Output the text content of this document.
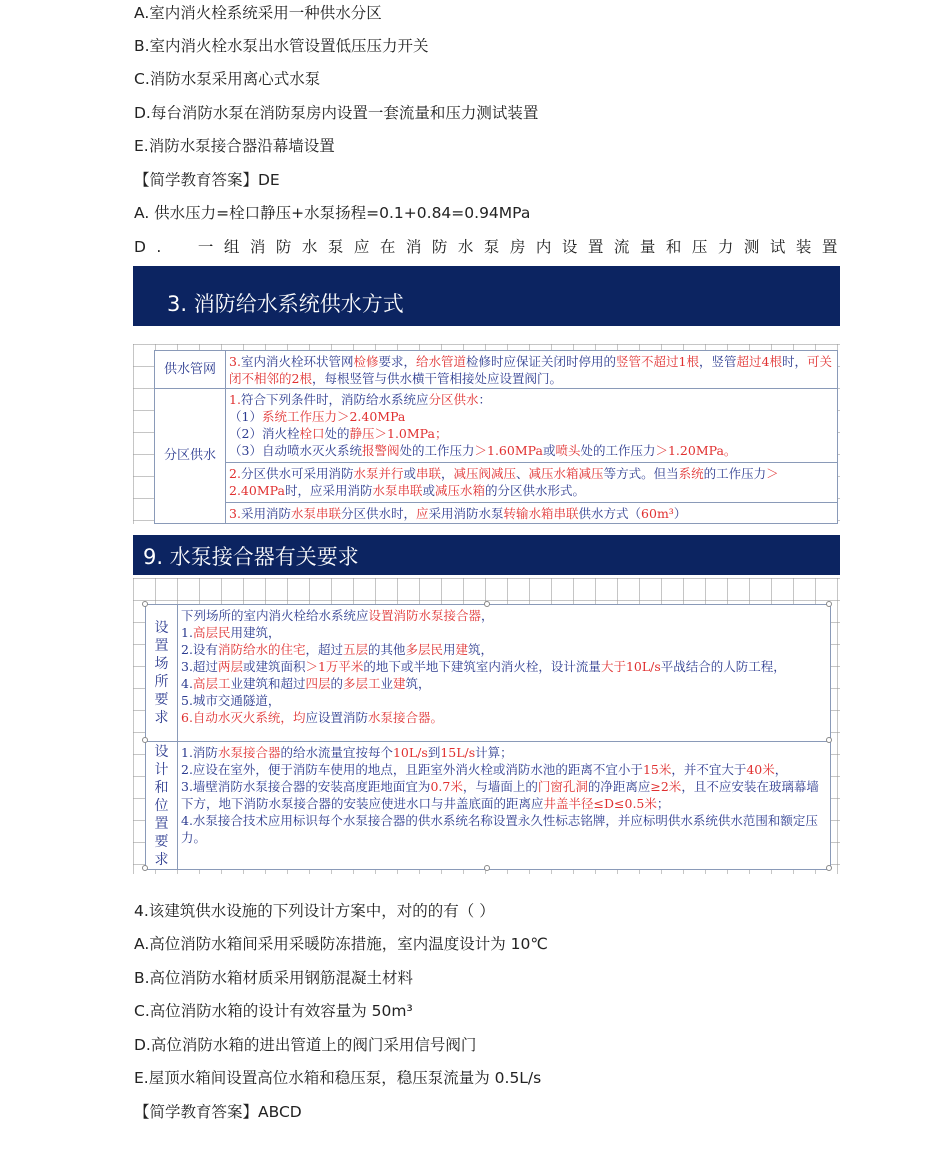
A.室内消火栓系统采用一种供水分区
B.室内消火栓水泵出水管设置低压压力开关
C.消防水泵采用离心式水泵
D.每台消防水泵在消防泵房内设置一套流量和压力测试装置
E.消防水泵接合器沿幕墙设置
【简学教育答案】DE
A. 供水压力=栓口静压+水泵扬程=0.1+0.84=0.94MPa
D.　一组消防水泵应在消防水泵房内设置流量和压力测试装置
3. 消防给水系统供水方式
供水管网
3.室内消火栓环状管网检修要求，给水管道检修时应保证关闭时停用的竖管不超过1根，竖管超过4根时，可关闭不相邻的2根，每根竖管与供水横干管相接处应设置阀门。
分区供水
1.符合下列条件时，消防给水系统应分区供水：
（1）系统工作压力＞2.40MPa
（2）消火栓栓口处的静压＞1.0MPa；
（3）自动喷水灭火系统报警阀处的工作压力＞1.60MPa或喷头处的工作压力＞1.20MPa。
2.分区供水可采用消防水泵并行或串联，减压阀减压、减压水箱减压等方式。但当系统的工作压力＞2.40MPa时，应采用消防水泵串联或减压水箱的分区供水形式。
3.采用消防水泵串联分区供水时，应采用消防水泵转输水箱串联供水方式（60m³）
9. 水泵接合器有关要求
设置场所要求
下列场所的室内消火栓给水系统应设置消防水泵接合器，
1.高层民用建筑，
2.设有消防给水的住宅，超过五层的其他多层民用建筑，
3.超过两层或建筑面积＞1万平米的地下或半地下建筑室内消火栓，设计流量大于10L/s平战结合的人防工程，
4.高层工业建筑和超过四层的多层工业建筑，
5.城市交通隧道，
6.自动水灭火系统，均应设置消防水泵接合器。
设计和位置要求
1.消防水泵接合器的给水流量宜按每个10L/s到15L/s计算；
2.应设在室外，便于消防车使用的地点，且距室外消火栓或消防水池的距离不宜小于15米，并不宜大于40米，
3.墙壁消防水泵接合器的安装高度距地面宜为0.7米，与墙面上的门窗孔洞的净距离应≥2米，且不应安装在玻璃幕墙下方，地下消防水泵接合器的安装应使进水口与井盖底面的距离应井盖半径≤D≤0.5米；
4.水泵接合技术应用标识每个水泵接合器的供水系统名称设置永久性标志铭牌，并应标明供水系统供水范围和额定压力。
4.该建筑供水设施的下列设计方案中，对的的有（ ）
A.高位消防水箱间采用采暖防冻措施，室内温度设计为 10℃
B.高位消防水箱材质采用钢筋混凝土材料
C.高位消防水箱的设计有效容量为 50m³
D.高位消防水箱的进出管道上的阀门采用信号阀门
E.屋顶水箱间设置高位水箱和稳压泵，稳压泵流量为 0.5L/s
【简学教育答案】ABCD
